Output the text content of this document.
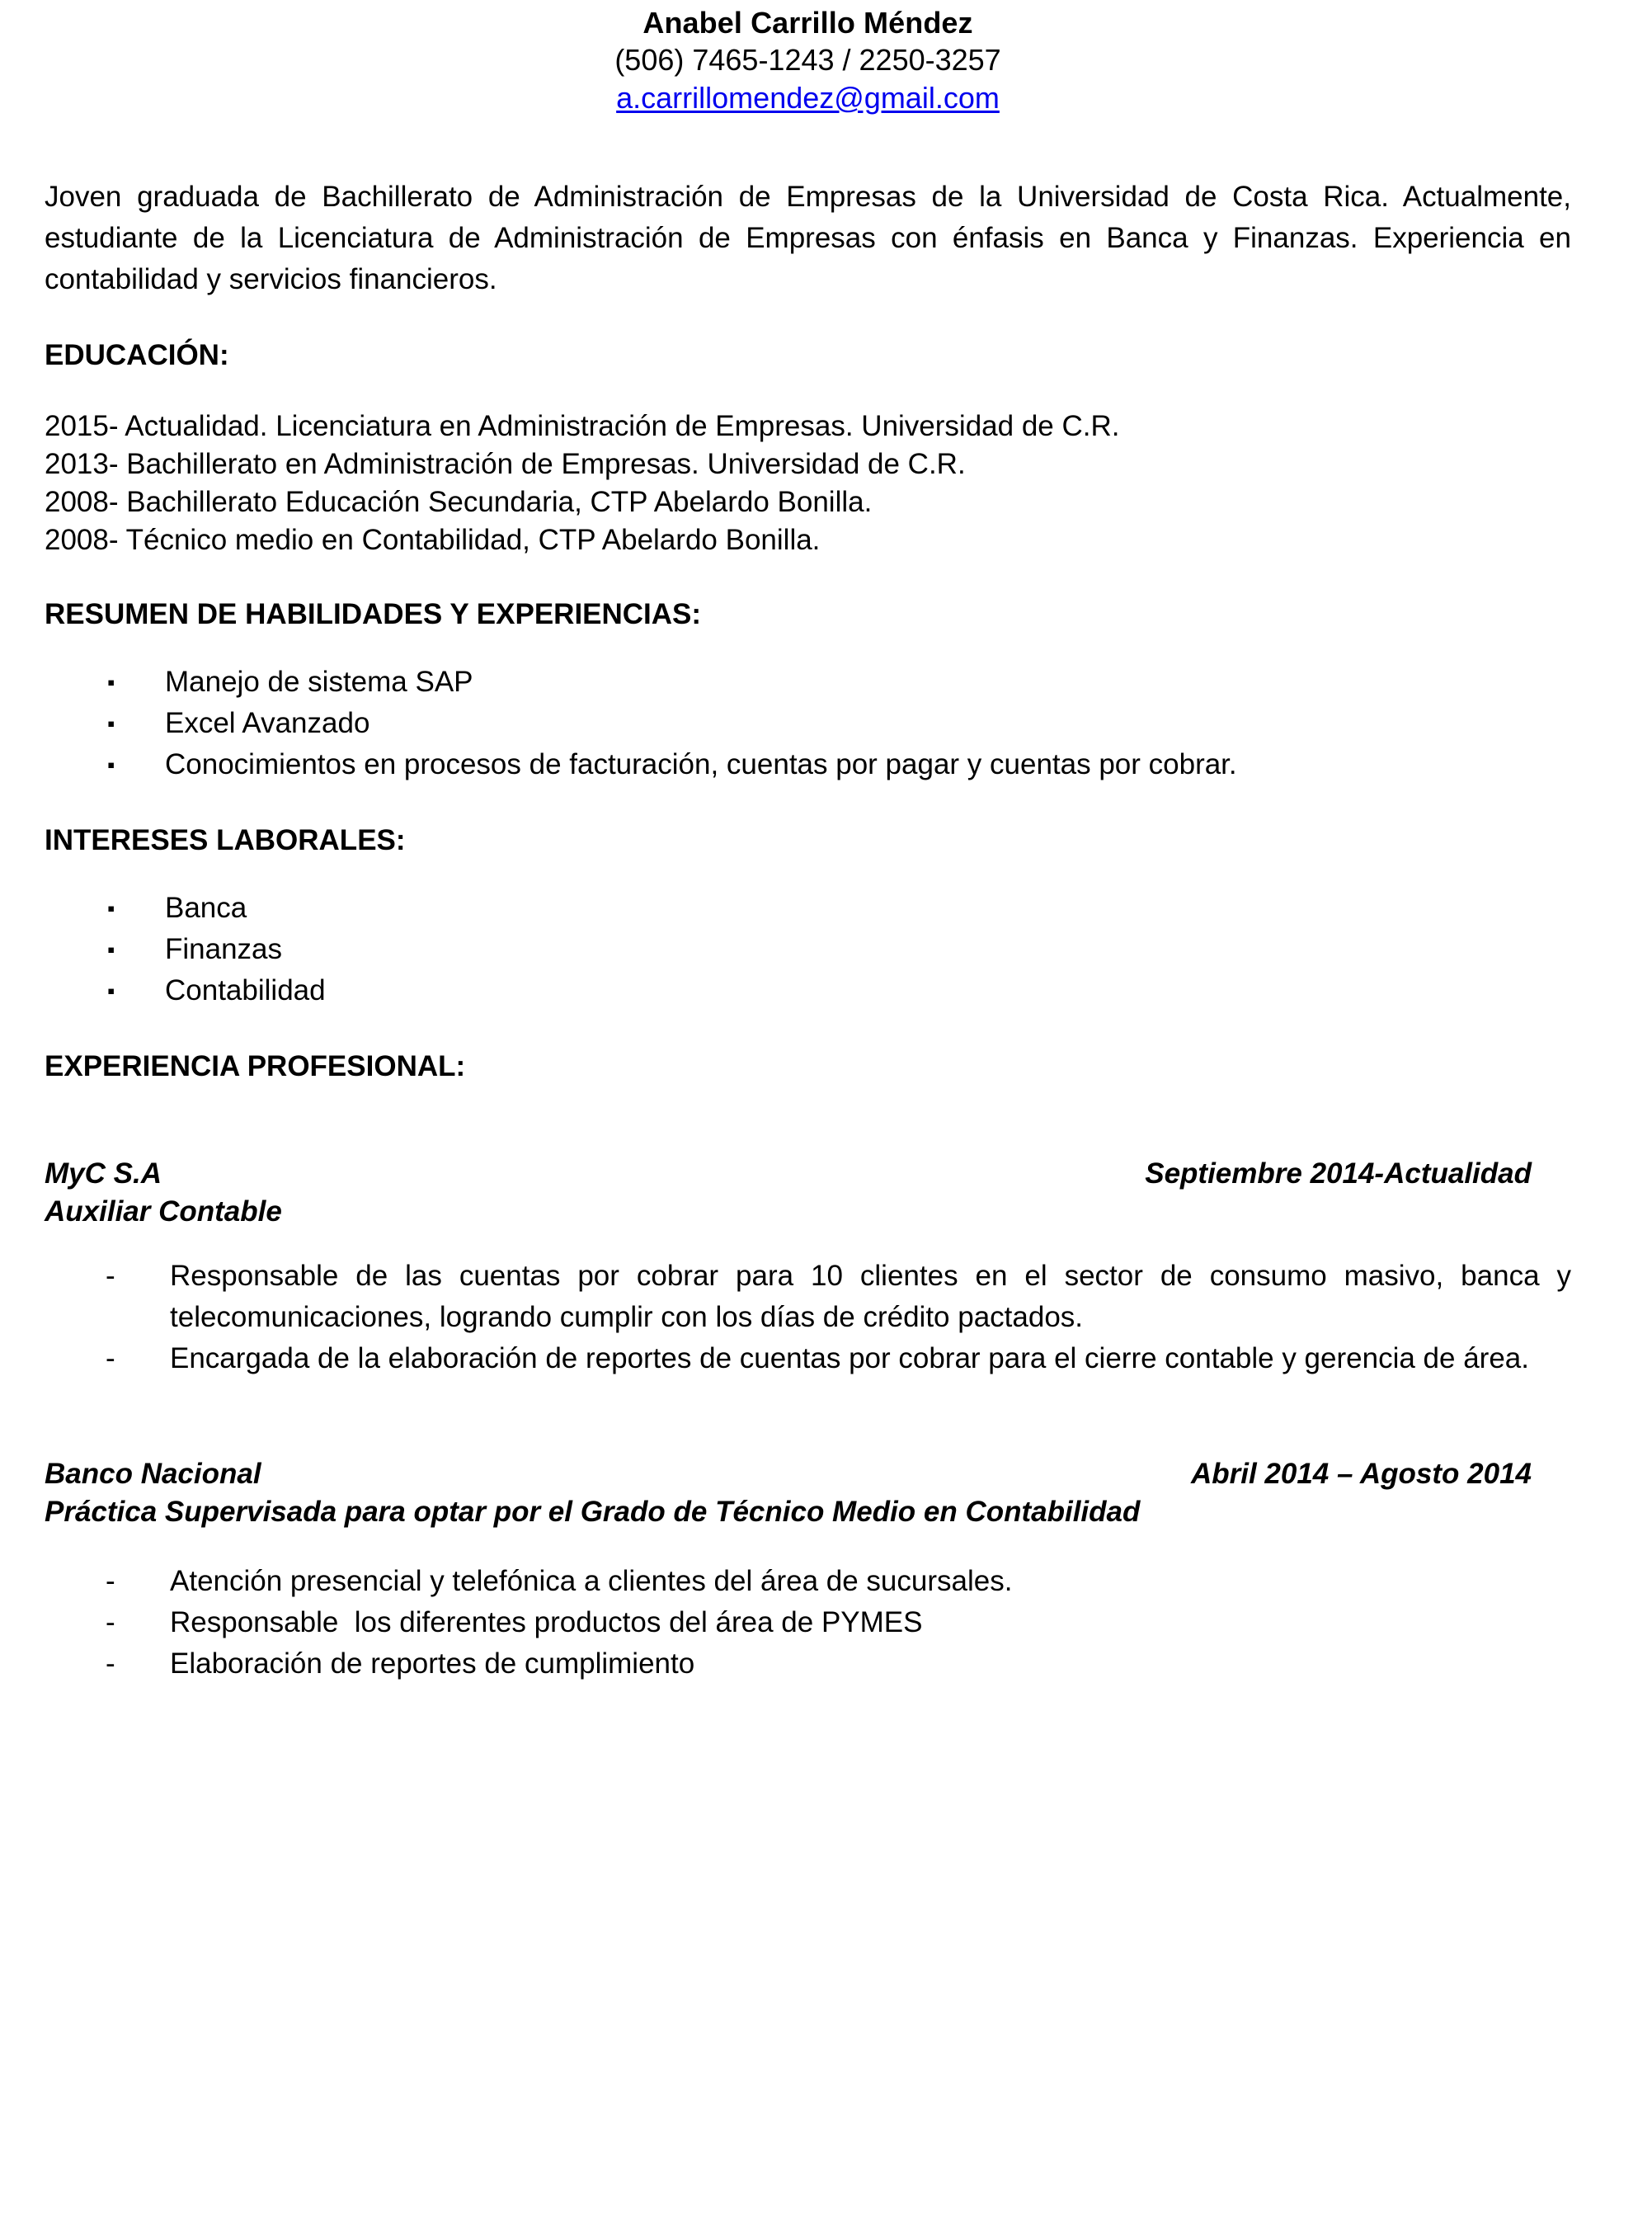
Anabel Carrillo Méndez
(506) 7465-1243 / 2250-3257
a.carrillomendez@gmail.com
Joven graduada de Bachillerato de Administración de Empresas de la Universidad de Costa Rica. Actualmente, estudiante de la Licenciatura de Administración de Empresas con énfasis en Banca y Finanzas. Experiencia en contabilidad y servicios financieros.
EDUCACIÓN:
2015- Actualidad. Licenciatura en Administración de Empresas. Universidad de C.R.
2013- Bachillerato en Administración de Empresas. Universidad de C.R.
2008- Bachillerato Educación Secundaria, CTP Abelardo Bonilla.
2008- Técnico medio en Contabilidad, CTP Abelardo Bonilla.
RESUMEN DE HABILIDADES Y EXPERIENCIAS:
▪ Manejo de sistema SAP
▪ Excel Avanzado
▪ Conocimientos en procesos de facturación, cuentas por pagar y cuentas por cobrar.
INTERESES LABORALES:
▪ Banca
▪ Finanzas
▪ Contabilidad
EXPERIENCIA PROFESIONAL:
MyC S.A	Septiembre 2014-Actualidad
Auxiliar Contable
- Responsable de las cuentas por cobrar para 10 clientes en el sector de consumo masivo, banca y telecomunicaciones, logrando cumplir con los días de crédito pactados.
- Encargada de la elaboración de reportes de cuentas por cobrar para el cierre contable y gerencia de área.
Banco Nacional	Abril 2014 – Agosto 2014
Práctica Supervisada para optar por el Grado de Técnico Medio en Contabilidad
- Atención presencial y telefónica a clientes del área de sucursales.
- Responsable  los diferentes productos del área de PYMES
- Elaboración de reportes de cumplimiento
